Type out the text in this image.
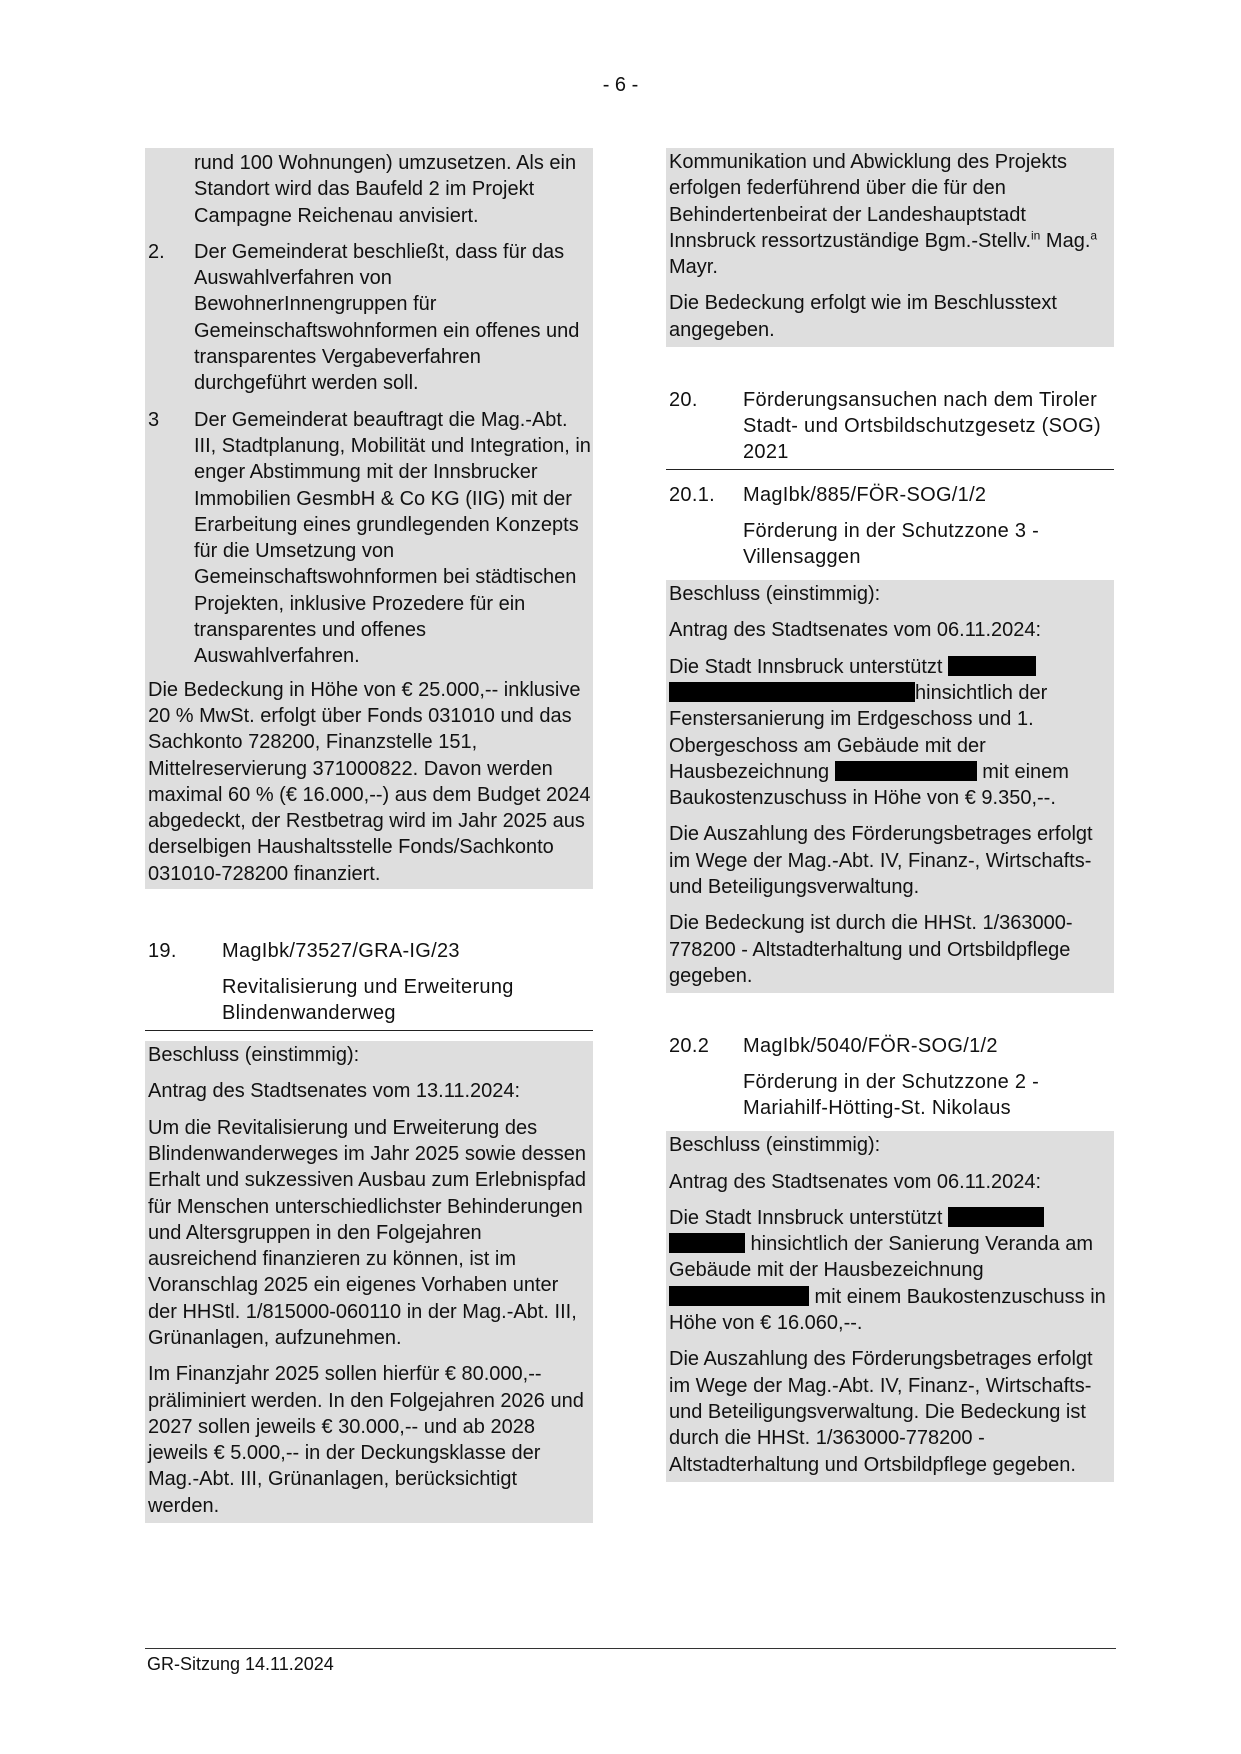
- 6 -

rund 100 Wohnungen) umzusetzen. Als ein Standort wird das Baufeld 2 im Projekt Campagne Reichenau anvisiert.

2.	Der Gemeinderat beschließt, dass für das Auswahlverfahren von BewohnerInnengruppen für Gemeinschaftswohnformen ein offenes und transparentes Vergabeverfahren durchgeführt werden soll.
3	Der Gemeinderat beauftragt die Mag.-Abt. III, Stadtplanung, Mobilität und Integration, in enger Abstimmung mit der Innsbrucker Immobilien GesmbH & Co KG (IIG) mit der Erarbeitung eines grundlegenden Konzepts für die Umsetzung von Gemeinschaftswohnformen bei städtischen Projekten, inklusive Prozedere für ein transparentes und offenes Auswahlverfahren.
Die Bedeckung in Höhe von € 25.000,-- inklusive 20 % MwSt. erfolgt über Fonds 031010 und das Sachkonto 728200, Finanzstelle 151, Mittelreservierung 371000822. Davon werden maximal 60 % (€ 16.000,--) aus dem Budget 2024 abgedeckt, der Restbetrag wird im Jahr 2025 aus derselbigen Haushaltsstelle Fonds/Sachkonto 031010-728200 finanziert.
19.	MagIbk/73527/GRA-IG/23
Revitalisierung und Erweiterung Blindenwanderweg

Beschluss (einstimmig):

Antrag des Stadtsenates vom 13.11.2024:

Um die Revitalisierung und Erweiterung des Blindenwanderweges im Jahr 2025 sowie dessen Erhalt und sukzessiven Ausbau zum Erlebnispfad für Menschen unterschiedlichster Behinderungen und Altersgruppen in den Folgejahren ausreichend finanzieren zu können, ist im Voranschlag 2025 ein eigenes Vorhaben unter der HHStl. 1/815000-060110 in der Mag.-Abt. III, Grünanlagen, aufzunehmen.

Im Finanzjahr 2025 sollen hierfür € 80.000,-- präliminiert werden. In den Folgejahren 2026 und 2027 sollen jeweils € 30.000,-- und ab 2028 jeweils € 5.000,-- in der Deckungsklasse der Mag.-Abt. III, Grünanlagen, berücksichtigt werden.

Kommunikation und Abwicklung des Projekts erfolgen federführend über die für den Behindertenbeirat der Landeshauptstadt Innsbruck ressortzuständige Bgm.-Stellv.$^{in}$ Mag.$^a$ Mayr.

Die Bedeckung erfolgt wie im Beschlusstext angegeben.

20.	Förderungsansuchen nach dem Tiroler Stadt- und Ortsbildschutzgesetz (SOG) 2021
20.1.	MagIbk/885/FÖR-SOG/1/2
Förderung in der Schutzzone 3 - Villensaggen

Beschluss (einstimmig):

Antrag des Stadtsenates vom 06.11.2024:

Die Stadt Innsbruck unterstützt  hinsichtlich der Fenstersanierung im Erdgeschoss und 1. Obergeschoss am Gebäude mit der Hausbezeichnung	mit einem Baukostenzuschuss in Höhe von € 9.350,--.

Die Auszahlung des Förderungsbetrages erfolgt im Wege der Mag.-Abt. IV, Finanz-, Wirtschafts- und Beteiligungsverwaltung.

Die Bedeckung ist durch die HHSt. 1/363000-778200 - Altstadterhaltung und Ortsbildpflege gegeben.

20.2	MagIbk/5040/FÖR-SOG/1/2
Förderung in der Schutzzone 2 - Mariahilf-Hötting-St. Nikolaus

Beschluss (einstimmig):

Antrag des Stadtsenates vom 06.11.2024:

Die Stadt Innsbruck unterstützt   hinsichtlich der Sanierung Veranda am Gebäude mit der Hausbezeichnung  mit einem Baukostenzuschuss in Höhe von € 16.060,--.

Die Auszahlung des Förderungsbetrages erfolgt im Wege der Mag.-Abt. IV, Finanz-, Wirtschafts- und Beteiligungsverwaltung. Die Bedeckung ist durch die HHSt. 1/363000-778200 - Altstadterhaltung und Ortsbildpflege gegeben.

GR-Sitzung 14.11.2024
